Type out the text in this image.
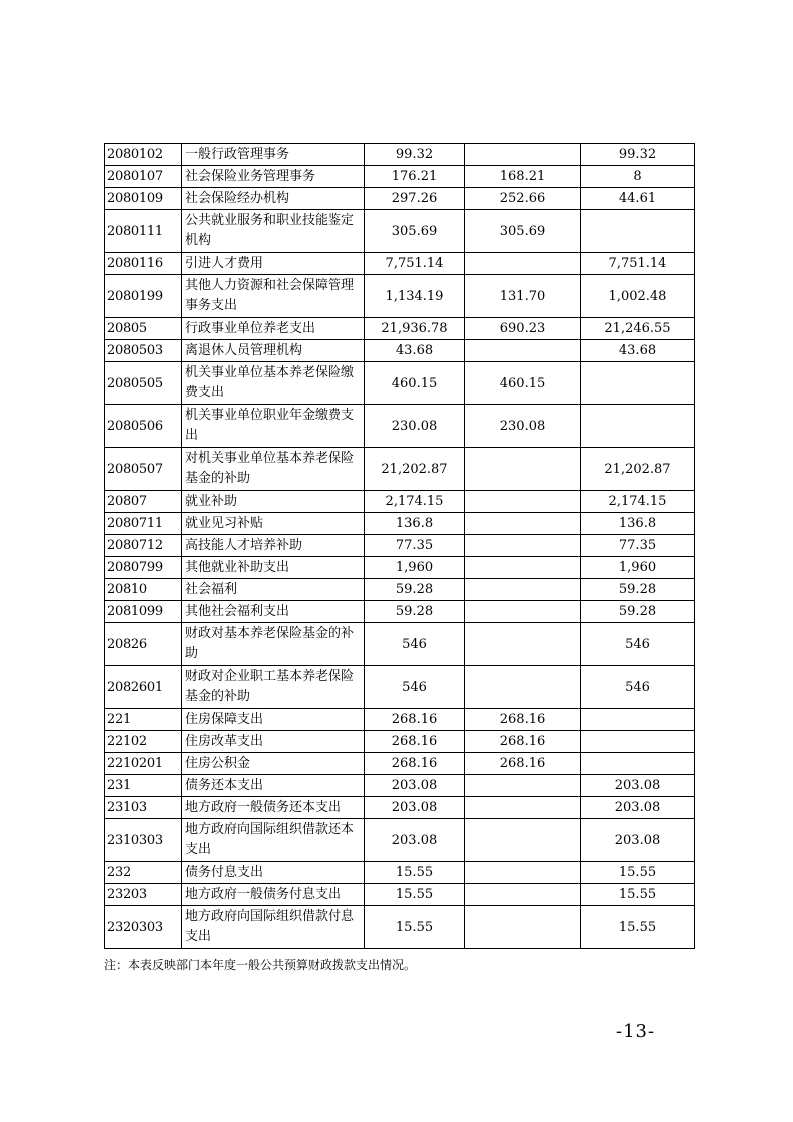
2080102	一般行政管理事务	99.32		99.32
2080107	社会保险业务管理事务	176.21	168.21	8
2080109	社会保险经办机构	297.26	252.66	44.61
2080111	公共就业服务和职业技能鉴定机构	305.69	305.69	
2080116	引进人才费用	7,751.14		7,751.14
2080199	其他人力资源和社会保障管理事务支出	1,134.19	131.70	1,002.48
20805	行政事业单位养老支出	21,936.78	690.23	21,246.55
2080503	离退休人员管理机构	43.68		43.68
2080505	机关事业单位基本养老保险缴费支出	460.15	460.15	
2080506	机关事业单位职业年金缴费支出	230.08	230.08	
2080507	对机关事业单位基本养老保险基金的补助	21,202.87		21,202.87
20807	就业补助	2,174.15		2,174.15
2080711	就业见习补贴	136.8		136.8
2080712	高技能人才培养补助	77.35		77.35
2080799	其他就业补助支出	1,960		1,960
20810	社会福利	59.28		59.28
2081099	其他社会福利支出	59.28		59.28
20826	财政对基本养老保险基金的补助	546		546
2082601	财政对企业职工基本养老保险基金的补助	546		546
221	住房保障支出	268.16	268.16	
22102	住房改革支出	268.16	268.16	
2210201	住房公积金	268.16	268.16	
231	债务还本支出	203.08		203.08
23103	地方政府一般债务还本支出	203.08		203.08
2310303	地方政府向国际组织借款还本支出	203.08		203.08
232	债务付息支出	15.55		15.55
23203	地方政府一般债务付息支出	15.55		15.55
2320303	地方政府向国际组织借款付息支出	15.55		15.55
注：本表反映部门本年度一般公共预算财政拨款支出情况。
-13-
